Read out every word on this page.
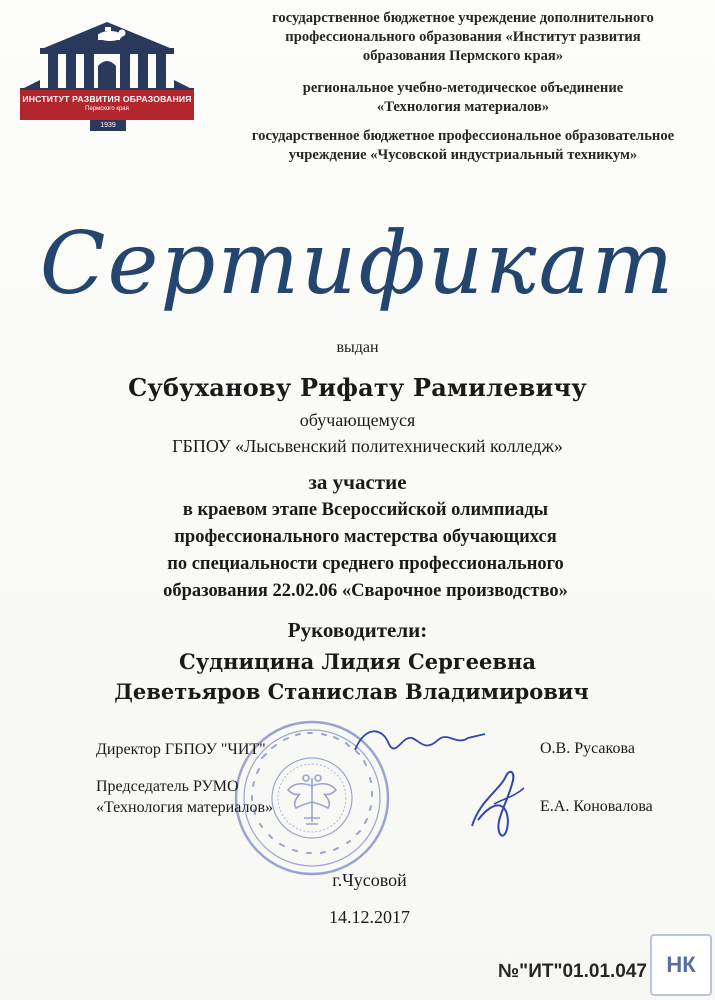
ИНСТИТУТ РАЗВИТИЯ ОБРАЗОВАНИЯ
Пермского края
1939
государственное бюджетное учреждение дополнительного
профессионального образования «Институт развития
образования Пермского края»
региональное учебно-методическое объединение
«Технология материалов»
государственное бюджетное профессиональное образовательное
учреждение «Чусовской индустриальный техникум»
Сертификат
выдан
Субуханову Рифату Рамилевичу
обучающемуся
ГБПОУ «Лысьвенский политехнический колледж»
за участие
в краевом этапе Всероссийской олимпиады
профессионального мастерства обучающихся
по специальности среднего профессионального
образования 22.02.06 «Сварочное производство»
Руководители:
Судницина Лидия Сергеевна
Деветьяров Станислав Владимирович
Директор ГБПОУ "ЧИТ"	О.В. Русакова
Председатель РУМО
«Технология материалов»	Е.А. Коновалова
г.Чусовой
14.12.2017
№"ИТ"01.01.047 НК
